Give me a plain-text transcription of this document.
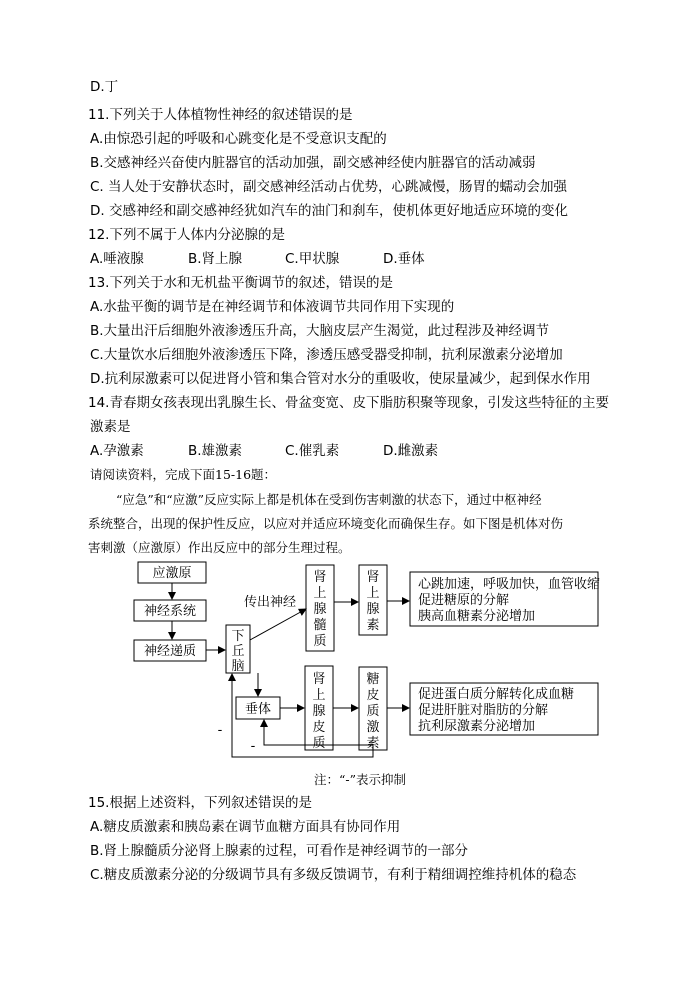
D.丁
11.下列关于人体植物性神经的叙述错误的是
A.由惊恐引起的呼吸和心跳变化是不受意识支配的
B.交感神经兴奋使内脏器官的活动加强，副交感神经使内脏器官的活动减弱
C. 当人处于安静状态时，副交感神经活动占优势，心跳减慢，肠胃的蠕动会加强
D. 交感神经和副交感神经犹如汽车的油门和刹车，使机体更好地适应环境的变化
12.下列不属于人体内分泌腺的是
A.唾液腺	B.肾上腺	C.甲状腺	D.垂体
13.下列关于水和无机盐平衡调节的叙述，错误的是
A.水盐平衡的调节是在神经调节和体液调节共同作用下实现的
B.大量出汗后细胞外液渗透压升高，大脑皮层产生渴觉，此过程涉及神经调节
C.大量饮水后细胞外液渗透压下降，渗透压感受器受抑制，抗利尿激素分泌增加
D.抗利尿激素可以促进肾小管和集合管对水分的重吸收，使尿量减少，起到保水作用
14.青春期女孩表现出乳腺生长、骨盆变宽、皮下脂肪积聚等现象，引发这些特征的主要
激素是
A.孕激素	B.雄激素	C.催乳素	D.雌激素
请阅读资料，完成下面15-16题：
“应急”和“应激”反应实际上都是机体在受到伤害刺激的状态下，通过中枢神经
系统整合，出现的保护性反应，以应对并适应环境变化而确保生存。如下图是机体对伤
害刺激（应激原）作出反应中的部分生理过程。
应激原
神经系统
神经递质
下
丘
脑
传出神经
肾
上
腺
髓
质
肾
上
腺
素
心跳加速，呼吸加快，血管收缩
促进糖原的分解
胰高血糖素分泌增加
垂体
肾
上
腺
皮
质
糖
皮
质
激
素
促进蛋白质分解转化成血糖
促进肝脏对脂肪的分解
抗利尿激素分泌增加
-
-
注：“-”表示抑制
15.根据上述资料，下列叙述错误的是
A.糖皮质激素和胰岛素在调节血糖方面具有协同作用
B.肾上腺髓质分泌肾上腺素的过程，可看作是神经调节的一部分
C.糖皮质激素分泌的分级调节具有多级反馈调节，有利于精细调控维持机体的稳态
